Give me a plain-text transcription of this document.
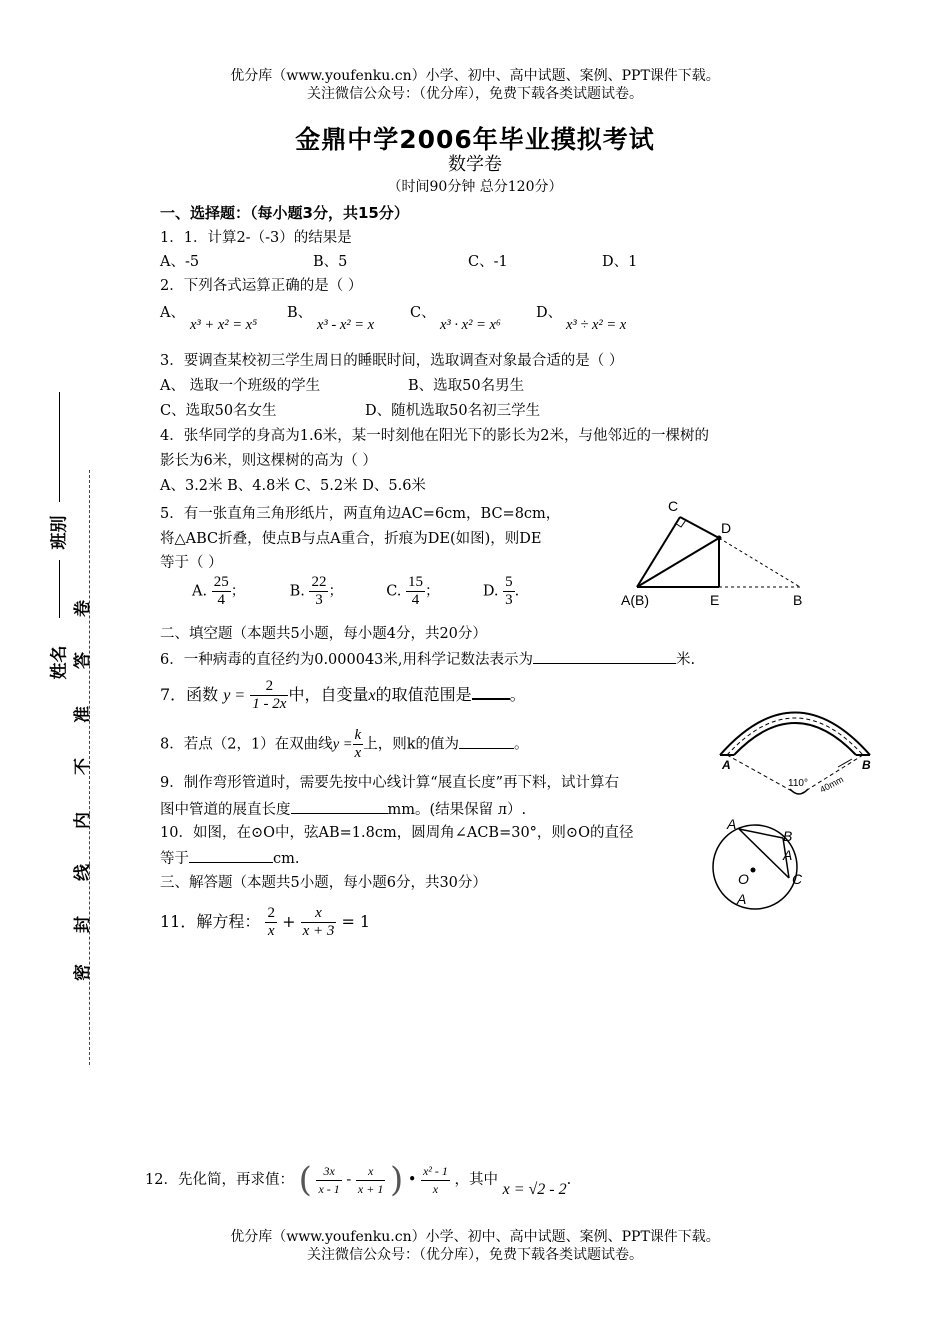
优分库（www.youfenku.cn）小学、初中、高中试题、案例、PPT课件下载。
关注微信公众号：（优分库），免费下载各类试题试卷。
金鼎中学2006年毕业摸拟考试
数学卷
（时间90分钟 总分120分）
班别
姓名
卷
答
准
不
内
线
封
密
一、选择题：（每小题3分，共15分）
1．1．计算2-（-3）的结果是
A、-5	B、5	C、-1	D、1
2．下列各式运算正确的是（ ）
A、
x³ + x² = x⁵
B、
x³ - x² = x
C、
x³ · x² = x⁶
D、
x³ ÷ x² = x
3．要调查某校初三学生周日的睡眠时间，选取调查对象最合适的是（ ）
A、 选取一个班级的学生	B、选取50名男生
C、选取50名女生	D、随机选取50名初三学生
4．张华同学的身高为1.6米，某一时刻他在阳光下的影长为2米，与他邻近的一棵树的
影长为6米，则这棵树的高为（ ）
A、3.2米 B、4.8米 C、5.2米 D、5.6米
5．有一张直角三角形纸片，两直角边AC=6cm，BC=8cm，
将△ABC折叠，使点B与点A重合，折痕为DE(如图)，则DE
等于（ ）
A. $\frac{25}{4}$ ；	B. $\frac{22}{3}$ ；	C. $\frac{15}{4}$ ；	D. $\frac{5}{3}$ .
C
D
A(B)	E	B
二、填空题（本题共5小题，每小题4分，共20分）
6．一种病毒的直径约为0.000043米,用科学记数法表示为	米.
7．函数 $y = \frac{2}{1 - 2x}$ 中，自变量x的取值范围是 。
8．若点（2，1）在双曲线$y = \frac{k}{x}$ 上，则k的值为	。
9．制作弯形管道时，需要先按中心线计算“展直长度”再下料，试计算右
图中管道的展直长度	mm。(结果保留 л）.
A	B
110° 40mm
10．如图，在⊙O中，弦AB=1.8cm，圆周角∠ACB=30°，则⊙O的直径
等于	cm.
A
B
A
O	C
A
三、解答题（本题共5小题，每小题6分，共30分）
11．解方程： $\frac{2}{x} + \frac{x}{x + 3} = 1$
12．先化简，再求值： ( $\frac{3x}{x - 1} - \frac{x}{x + 1}$ ) • $\frac{\text{x² - 1}}{x}$ ，其中 x = √2 - 2.
优分库（www.youfenku.cn）小学、初中、高中试题、案例、PPT课件下载。
关注微信公众号：（优分库），免费下载各类试题试卷。
